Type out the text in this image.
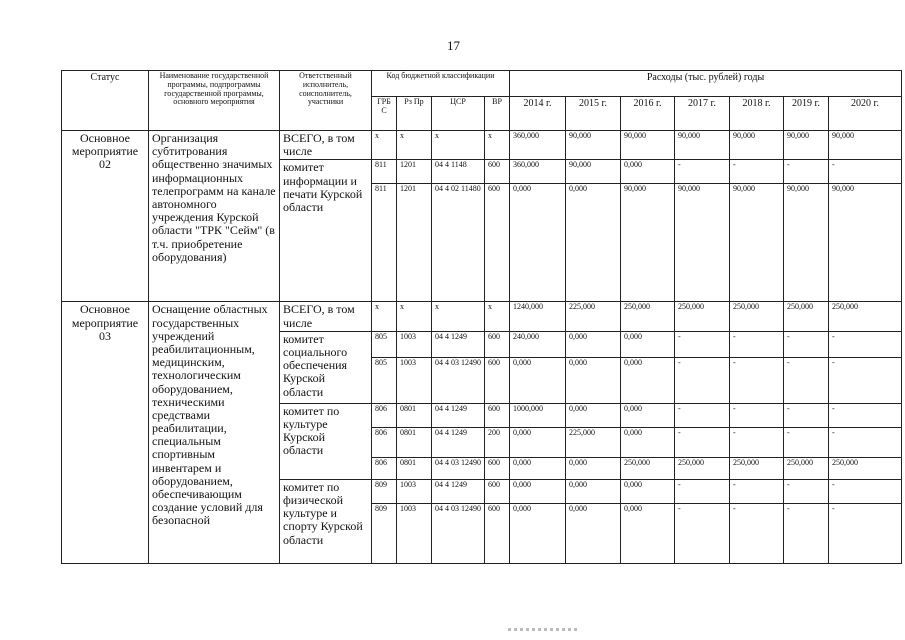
17
Статус	Наименование государственной программы, подпрограммы государственной программы, основного мероприятия	Ответственный исполнитель, соисполнитель, участники	Код бюджетной классификации				Расходы (тыс. рублей) годы						
			ГРБ С	Рз Пр	ЦСР	ВР	2014 г.	2015 г.	2016 г.	2017 г.	2018 г.	2019 г.	2020 г.
Основное мероприятие 02	Организация субтитрования общественно значимых информационных телепрограмм на канале автономного учреждения Курской области "ТРК "Сейм" (в т.ч. приобретение оборудования)	ВСЕГО, в том числе	x	x	x	x	360,000	90,000	90,000	90,000	90,000	90,000	90,000
		комитет информации и печати Курской области	811	1201	04 4 1148	600	360,000	90,000	0,000	-	-	-	-
			811	1201	04 4 02 11480	600	0,000	0,000	90,000	90,000	90,000	90,000	90,000
Основное мероприятие 03	Оснащение областных государственных учреждений реабилитационным, медицинским, технологическим оборудованием, техническими средствами реабилитации, специальным спортивным инвентарем и оборудованием, обеспечивающим создание условий для безопасной	ВСЕГО, в том числе	x	x	x	x	1240,000	225,000	250,000	250,000	250,000	250,000	250,000
		комитет социального обеспечения Курской области	805	1003	04 4 1249	600	240,000	0,000	0,000	-	-	-	-
			805	1003	04 4 03 12490	600	0,000	0,000	0,000	-	-	-	-
		комитет по культуре Курской области	806	0801	04 4 1249	600	1000,000	0,000	0,000	-	-	-	-
			806	0801	04 4 1249	200	0,000	225,000	0,000	-	-	-	-
			806	0801	04 4 03 12490	600	0,000	0,000	250,000	250,000	250,000	250,000	250,000
		комитет по физической культуре и спорту Курской области	809	1003	04 4 1249	600	0,000	0,000	0,000	-	-	-	-
			809	1003	04 4 03 12490	600	0,000	0,000	0,000	-	-	-	-
